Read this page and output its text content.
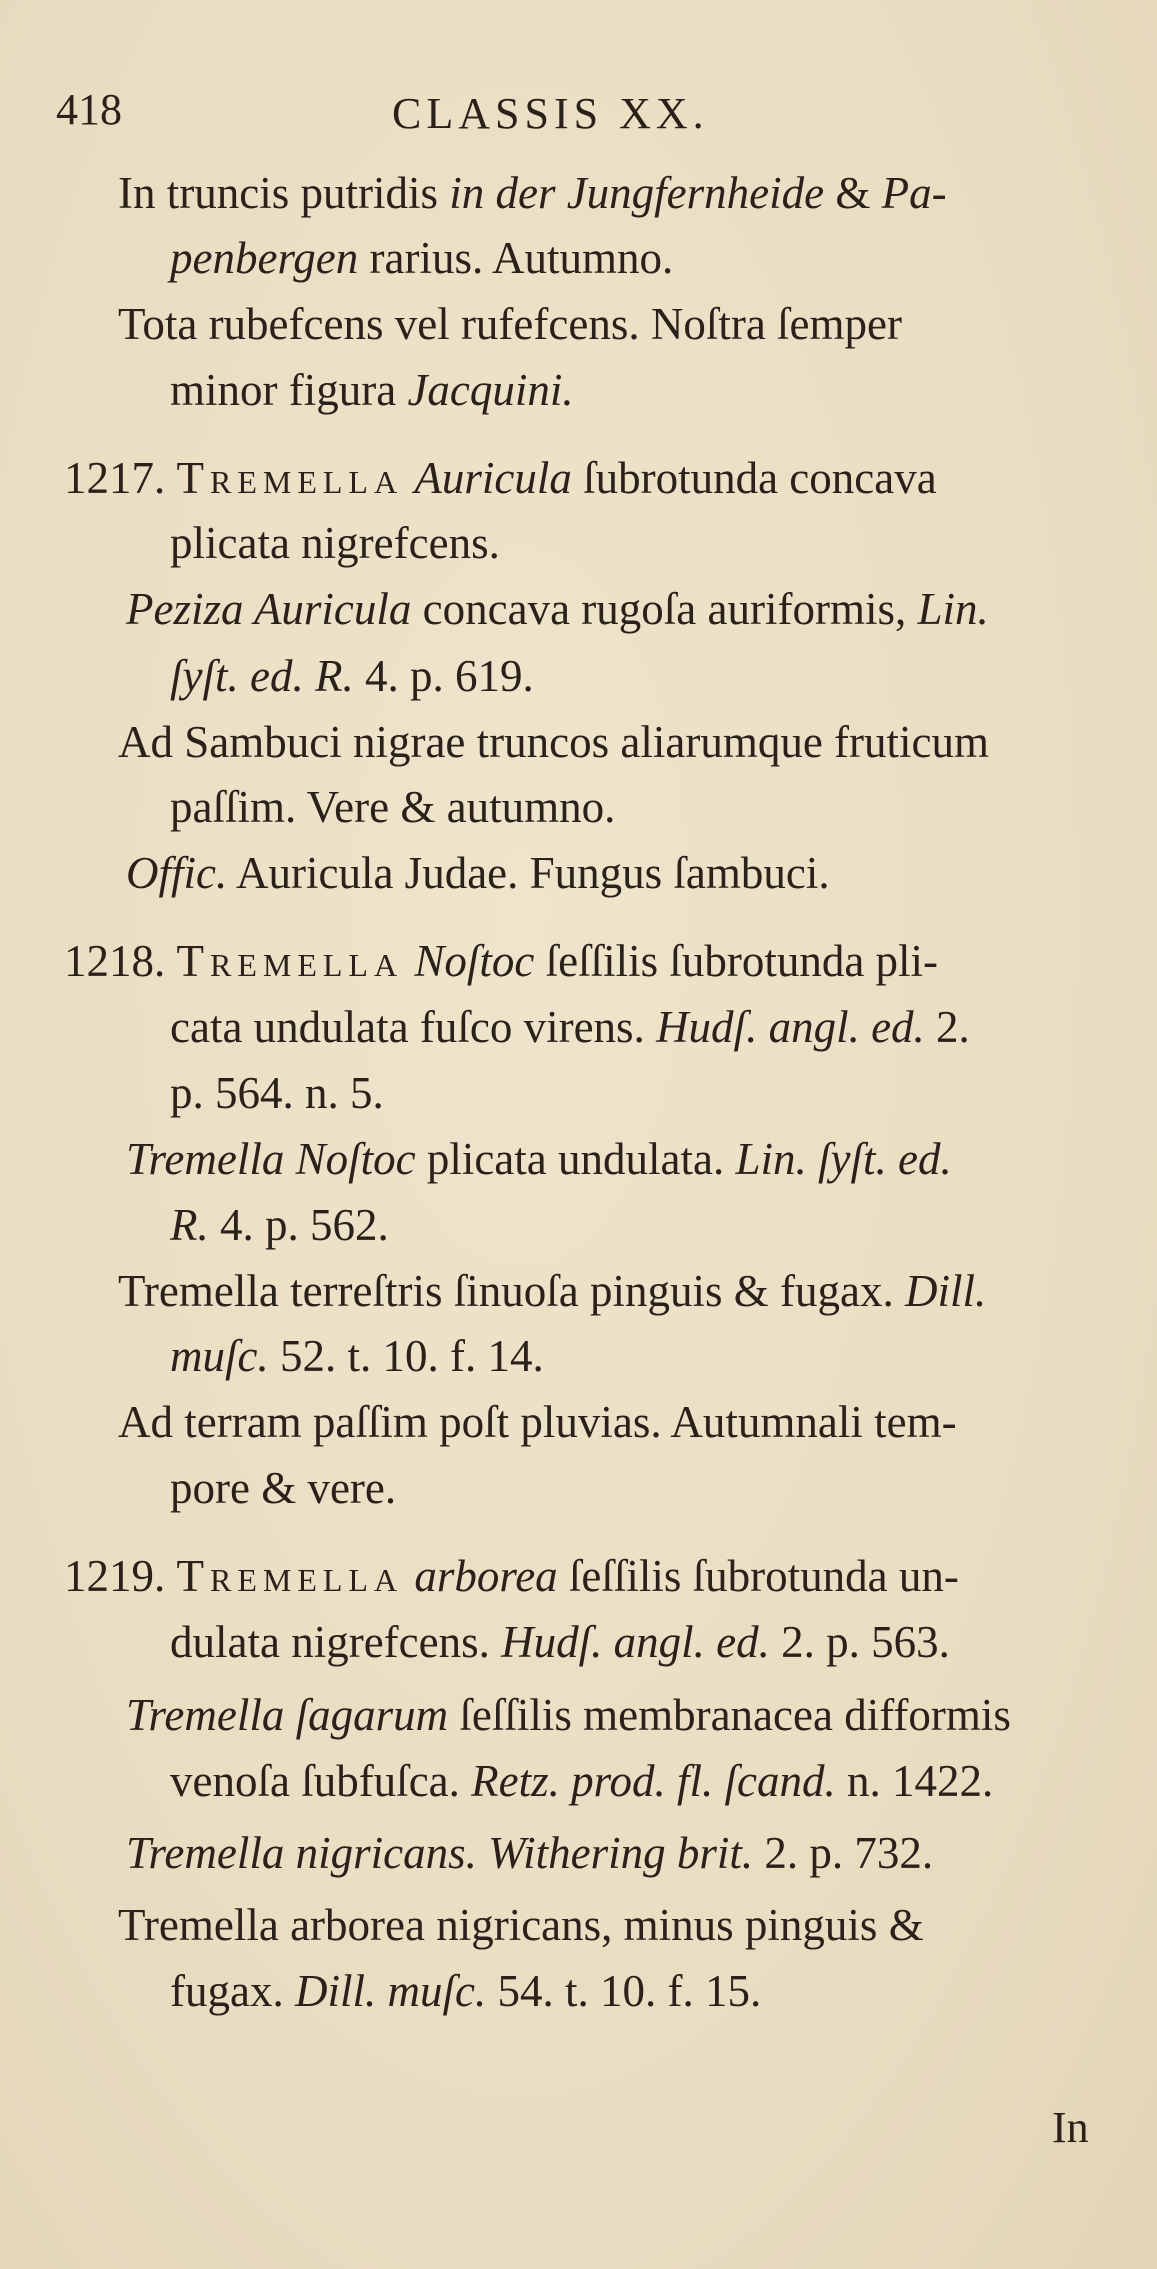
418	CLASSIS XX.
In truncis putridis in der Jungfernheide & Pa-
penbergen rarius. Autumno.
Tota rubefcens vel rufefcens. Noſtra ſemper
minor figura Jacquini.
1217. Tremella Auricula ſubrotunda concava
plicata nigrefcens.
Peziza Auricula concava rugoſa auriformis, Lin.
ſyſt. ed. R. 4. p. 619.
Ad Sambuci nigrae truncos aliarumque fruticum
paſſim. Vere & autumno.
Offic. Auricula Judae. Fungus ſambuci.
1218. Tremella Noſtoc ſeſſilis ſubrotunda pli-
cata undulata fuſco virens. Hudſ. angl. ed. 2.
p. 564. n. 5.
Tremella Noſtoc plicata undulata. Lin. ſyſt. ed.
R. 4. p. 562.
Tremella terreſtris ſinuoſa pinguis & fugax. Dill.
muſc. 52. t. 10. f. 14.
Ad terram paſſim poſt pluvias. Autumnali tem-
pore & vere.
1219. Tremella arborea ſeſſilis ſubrotunda un-
dulata nigrefcens. Hudſ. angl. ed. 2. p. 563.
Tremella ſagarum ſeſſilis membranacea difformis
venoſa ſubfuſca. Retz. prod. fl. ſcand. n. 1422.
Tremella nigricans. Withering brit. 2. p. 732.
Tremella arborea nigricans, minus pinguis &
fugax. Dill. muſc. 54. t. 10. f. 15.
In
